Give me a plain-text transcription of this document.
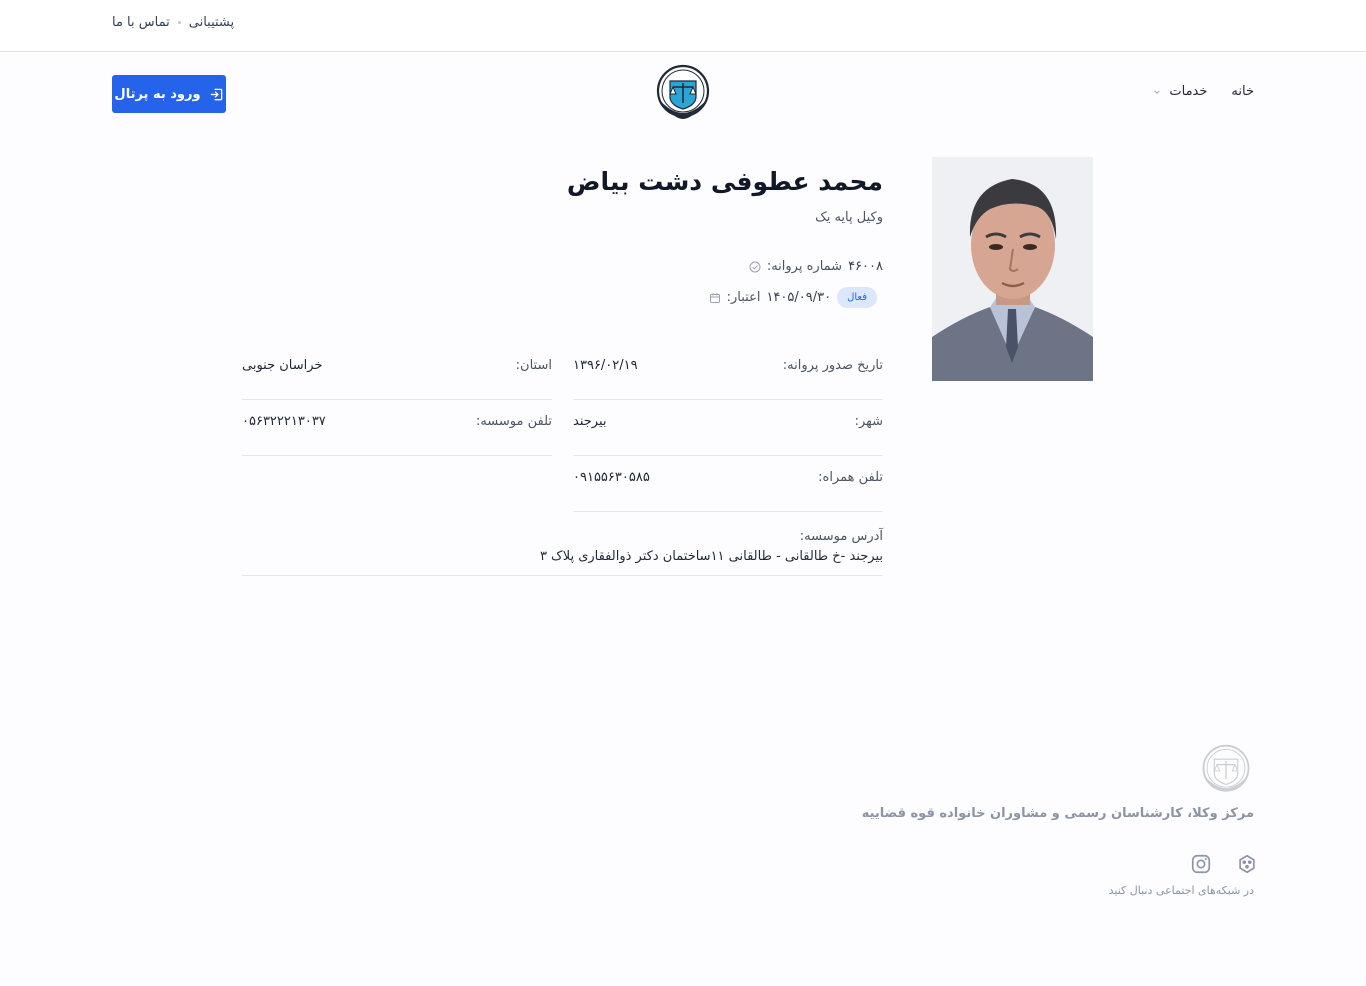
تماس با ما پشتیبانی
ورود به پرتال	خانه
خدمات
محمد عطوفی دشت بیاض
وکیل پایه یک
شماره پروانه: ۴۶۰۰۸
اعتبار: ۱۴۰۵/۰۹/۳۰	فعال
تاریخ صدور پروانه:
۱۳۹۶/۰۲/۱۹
استان:
خراسان جنوبی
شهر:
بیرجند
تلفن موسسه:
۰۵۶۳۲۲۲۱۳۰۳۷
تلفن همراه:
۰۹۱۵۵۶۳۰۵۸۵
آدرس موسسه:
بیرجند -خ طالقانی - طالقانی ۱۱ساختمان دکتر ذوالفقاری پلاک ۳
مرکز وکلا، کارشناسان رسمی و مشاوران خانواده قوه قضاییه
در شبکه‌های اجتماعی دنبال کنید
